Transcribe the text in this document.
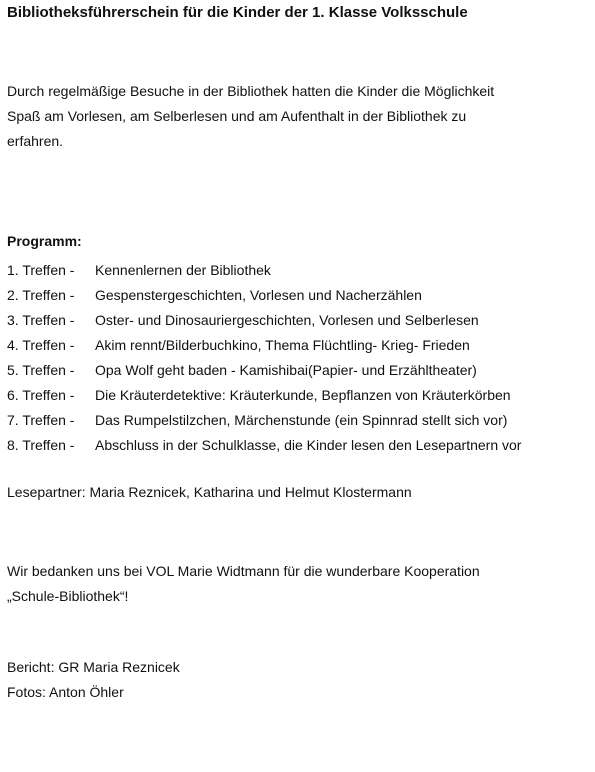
Bibliotheksführerschein für die Kinder der 1. Klasse Volksschule
Durch regelmäßige Besuche in der Bibliothek hatten die Kinder die Möglichkeit
Spaß am Vorlesen, am Selberlesen und am Aufenthalt in der Bibliothek zu
erfahren.
Programm:
1. Treffen -	Kennenlernen der Bibliothek
2. Treffen -	Gespenstergeschichten, Vorlesen und Nacherzählen
3. Treffen -	Oster- und Dinosauriergeschichten, Vorlesen und Selberlesen
4. Treffen -	Akim rennt/Bilderbuchkino, Thema Flüchtling- Krieg- Frieden
5. Treffen -	Opa Wolf geht baden - Kamishibai(Papier- und Erzähltheater)
6. Treffen -	Die Kräuterdetektive: Kräuterkunde, Bepflanzen von Kräuterkörben
7. Treffen -	Das Rumpelstilzchen, Märchenstunde (ein Spinnrad stellt sich vor)
8. Treffen -	Abschluss in der Schulklasse, die Kinder lesen den Lesepartnern vor
Lesepartner: Maria Reznicek, Katharina und Helmut Klostermann
Wir bedanken uns bei VOL Marie Widtmann für die wunderbare Kooperation
„Schule-Bibliothek“!
Bericht: GR Maria Reznicek
Fotos: Anton Öhler
